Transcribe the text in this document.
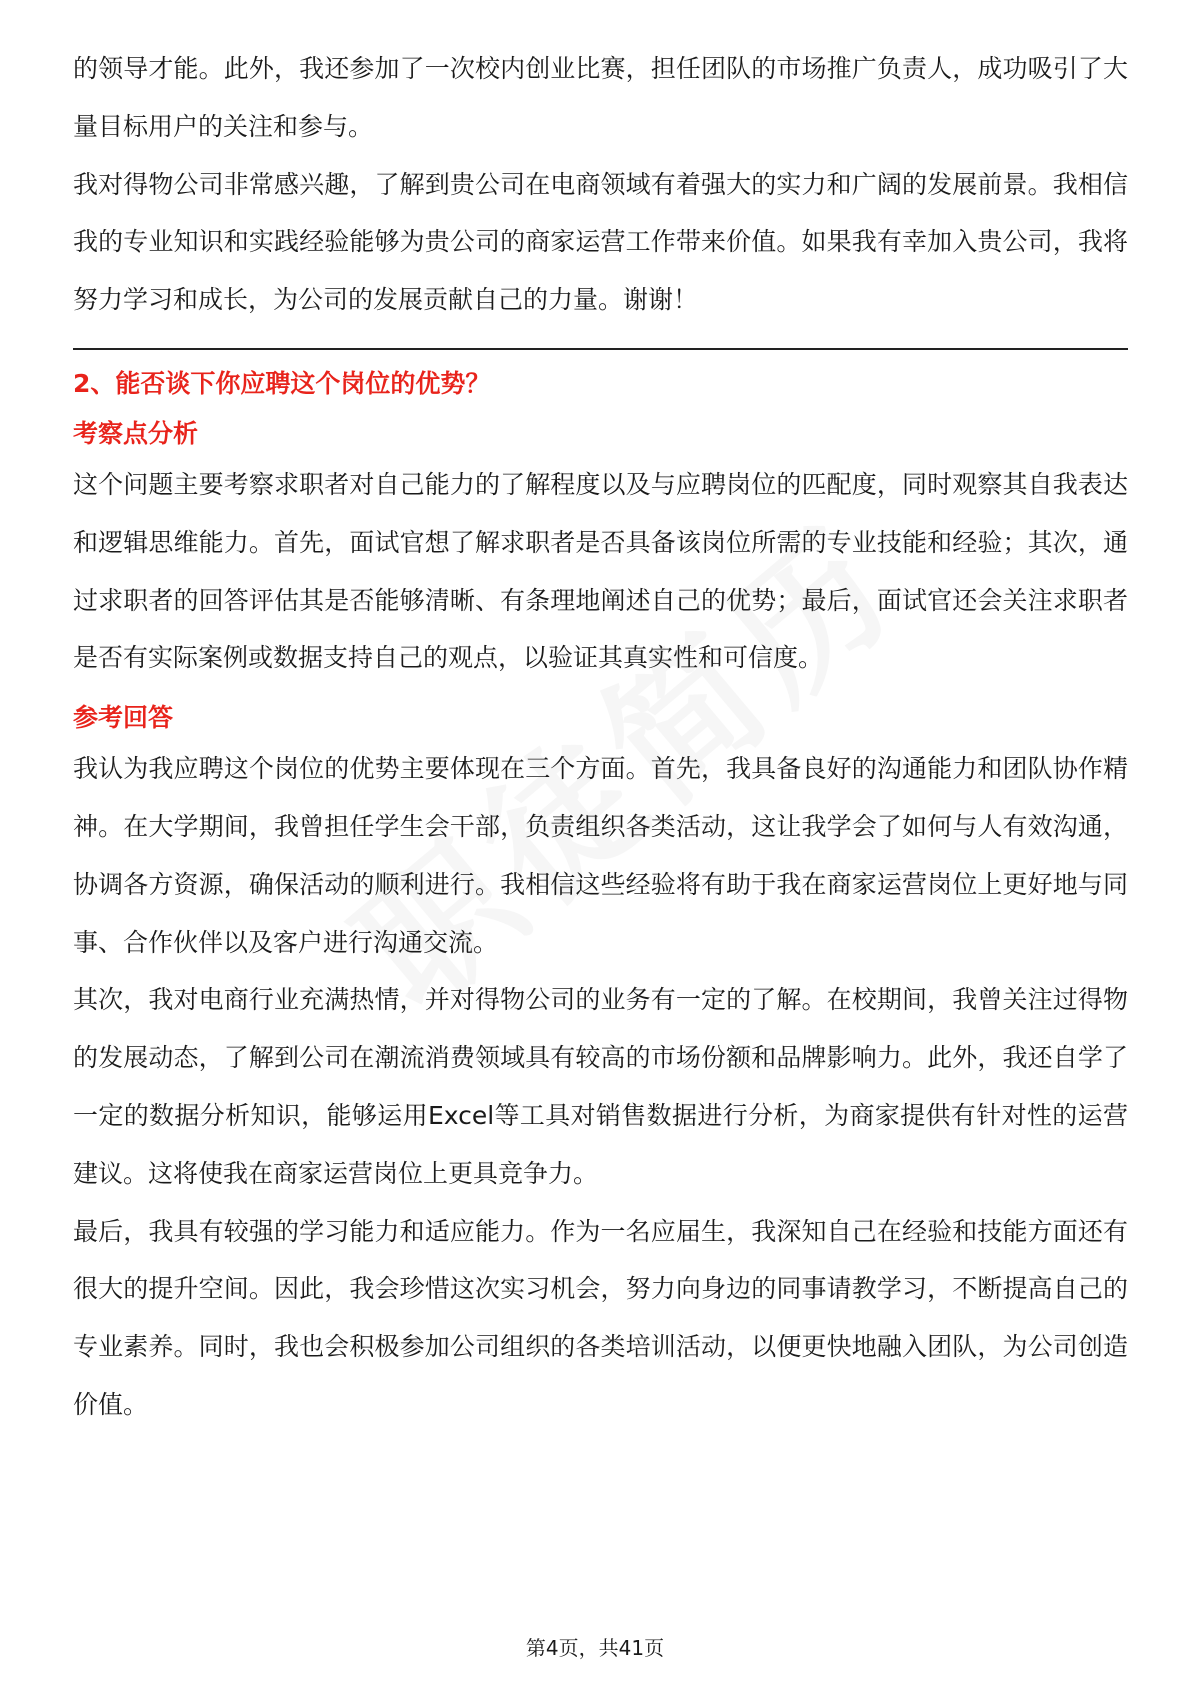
的领导才能。此外，我还参加了一次校内创业比赛，担任团队的市场推广负责人，成功吸引了大量目标用户的关注和参与。

我对得物公司非常感兴趣，了解到贵公司在电商领域有着强大的实力和广阔的发展前景。我相信我的专业知识和实践经验能够为贵公司的商家运营工作带来价值。如果我有幸加入贵公司，我将努力学习和成长，为公司的发展贡献自己的力量。谢谢！

2、能否谈下你应聘这个岗位的优势？
考察点分析

这个问题主要考察求职者对自己能力的了解程度以及与应聘岗位的匹配度，同时观察其自我表达和逻辑思维能力。首先，面试官想了解求职者是否具备该岗位所需的专业技能和经验；其次，通过求职者的回答评估其是否能够清晰、有条理地阐述自己的优势；最后，面试官还会关注求职者是否有实际案例或数据支持自己的观点，以验证其真实性和可信度。

参考回答

我认为我应聘这个岗位的优势主要体现在三个方面。首先，我具备良好的沟通能力和团队协作精神。在大学期间，我曾担任学生会干部，负责组织各类活动，这让我学会了如何与人有效沟通，协调各方资源，确保活动的顺利进行。我相信这些经验将有助于我在商家运营岗位上更好地与同事、合作伙伴以及客户进行沟通交流。

其次，我对电商行业充满热情，并对得物公司的业务有一定的了解。在校期间，我曾关注过得物的发展动态，了解到公司在潮流消费领域具有较高的市场份额和品牌影响力。此外，我还自学了一定的数据分析知识，能够运用Excel等工具对销售数据进行分析，为商家提供有针对性的运营建议。这将使我在商家运营岗位上更具竞争力。

最后，我具有较强的学习能力和适应能力。作为一名应届生，我深知自己在经验和技能方面还有很大的提升空间。因此，我会珍惜这次实习机会，努力向身边的同事请教学习，不断提高自己的专业素养。同时，我也会积极参加公司组织的各类培训活动，以便更快地融入团队，为公司创造价值。

第4页，共41页
